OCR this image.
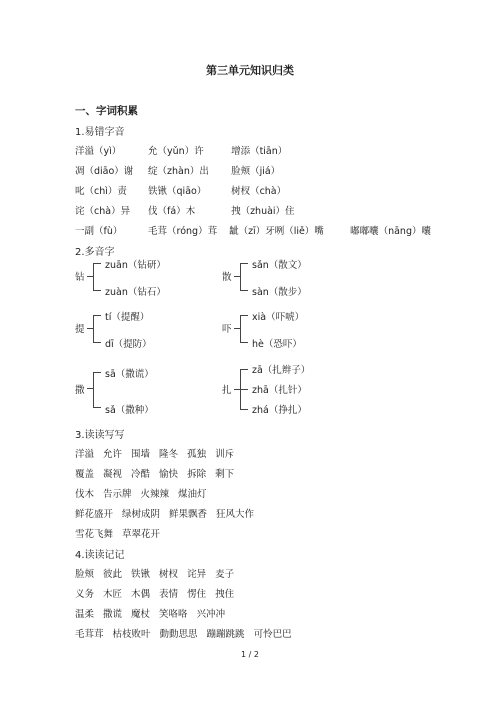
第三单元知识归类
一、字词积累
1.易错字音
洋溢（yì）	允（yǔn）许	增添（tiān）
凋（diāo）谢 绽（zhàn）出 脸颊（jiá）
叱（chì）责 铁锹（qiāo）	树杈（chà）
诧（chà）异 伐（fá）木	拽（zhuài）住
一副（fù）	毛茸（róng）茸 龇（zī）牙咧（liě）嘴	嘟嘟囔（nāng）囔
2.多音字
钻
zuān（钻研）
zuàn（钻石）
散
sǎn（散文）
sàn（散步）
提
tí（提醒）
dī（提防）
吓
xià（吓唬）
hè（恐吓）
撒
sā（撒谎）
sǎ（撒种）
扎
zā（扎辫子）
zhā（扎针）
zhá（挣扎）
3.读读写写
洋溢 允许 围墙 隆冬 孤独 训斥
覆盖 凝视 冷酷 愉快 拆除 剩下
伐木 告示牌 火辣辣 煤油灯
鲜花盛开 绿树成阴 鲜果飘香 狂风大作
雪花飞舞 草翠花开
4.读读记记
脸颊 彼此 铁锹 树杈 诧异 麦子
义务 木匠 木偶 表情 愣住 拽住
温柔 撒谎 魔杖 笑咯咯 兴冲冲
毛茸茸 枯枝败叶 動動思思 蹦蹦跳跳 可怜巴巴
1 / 2
